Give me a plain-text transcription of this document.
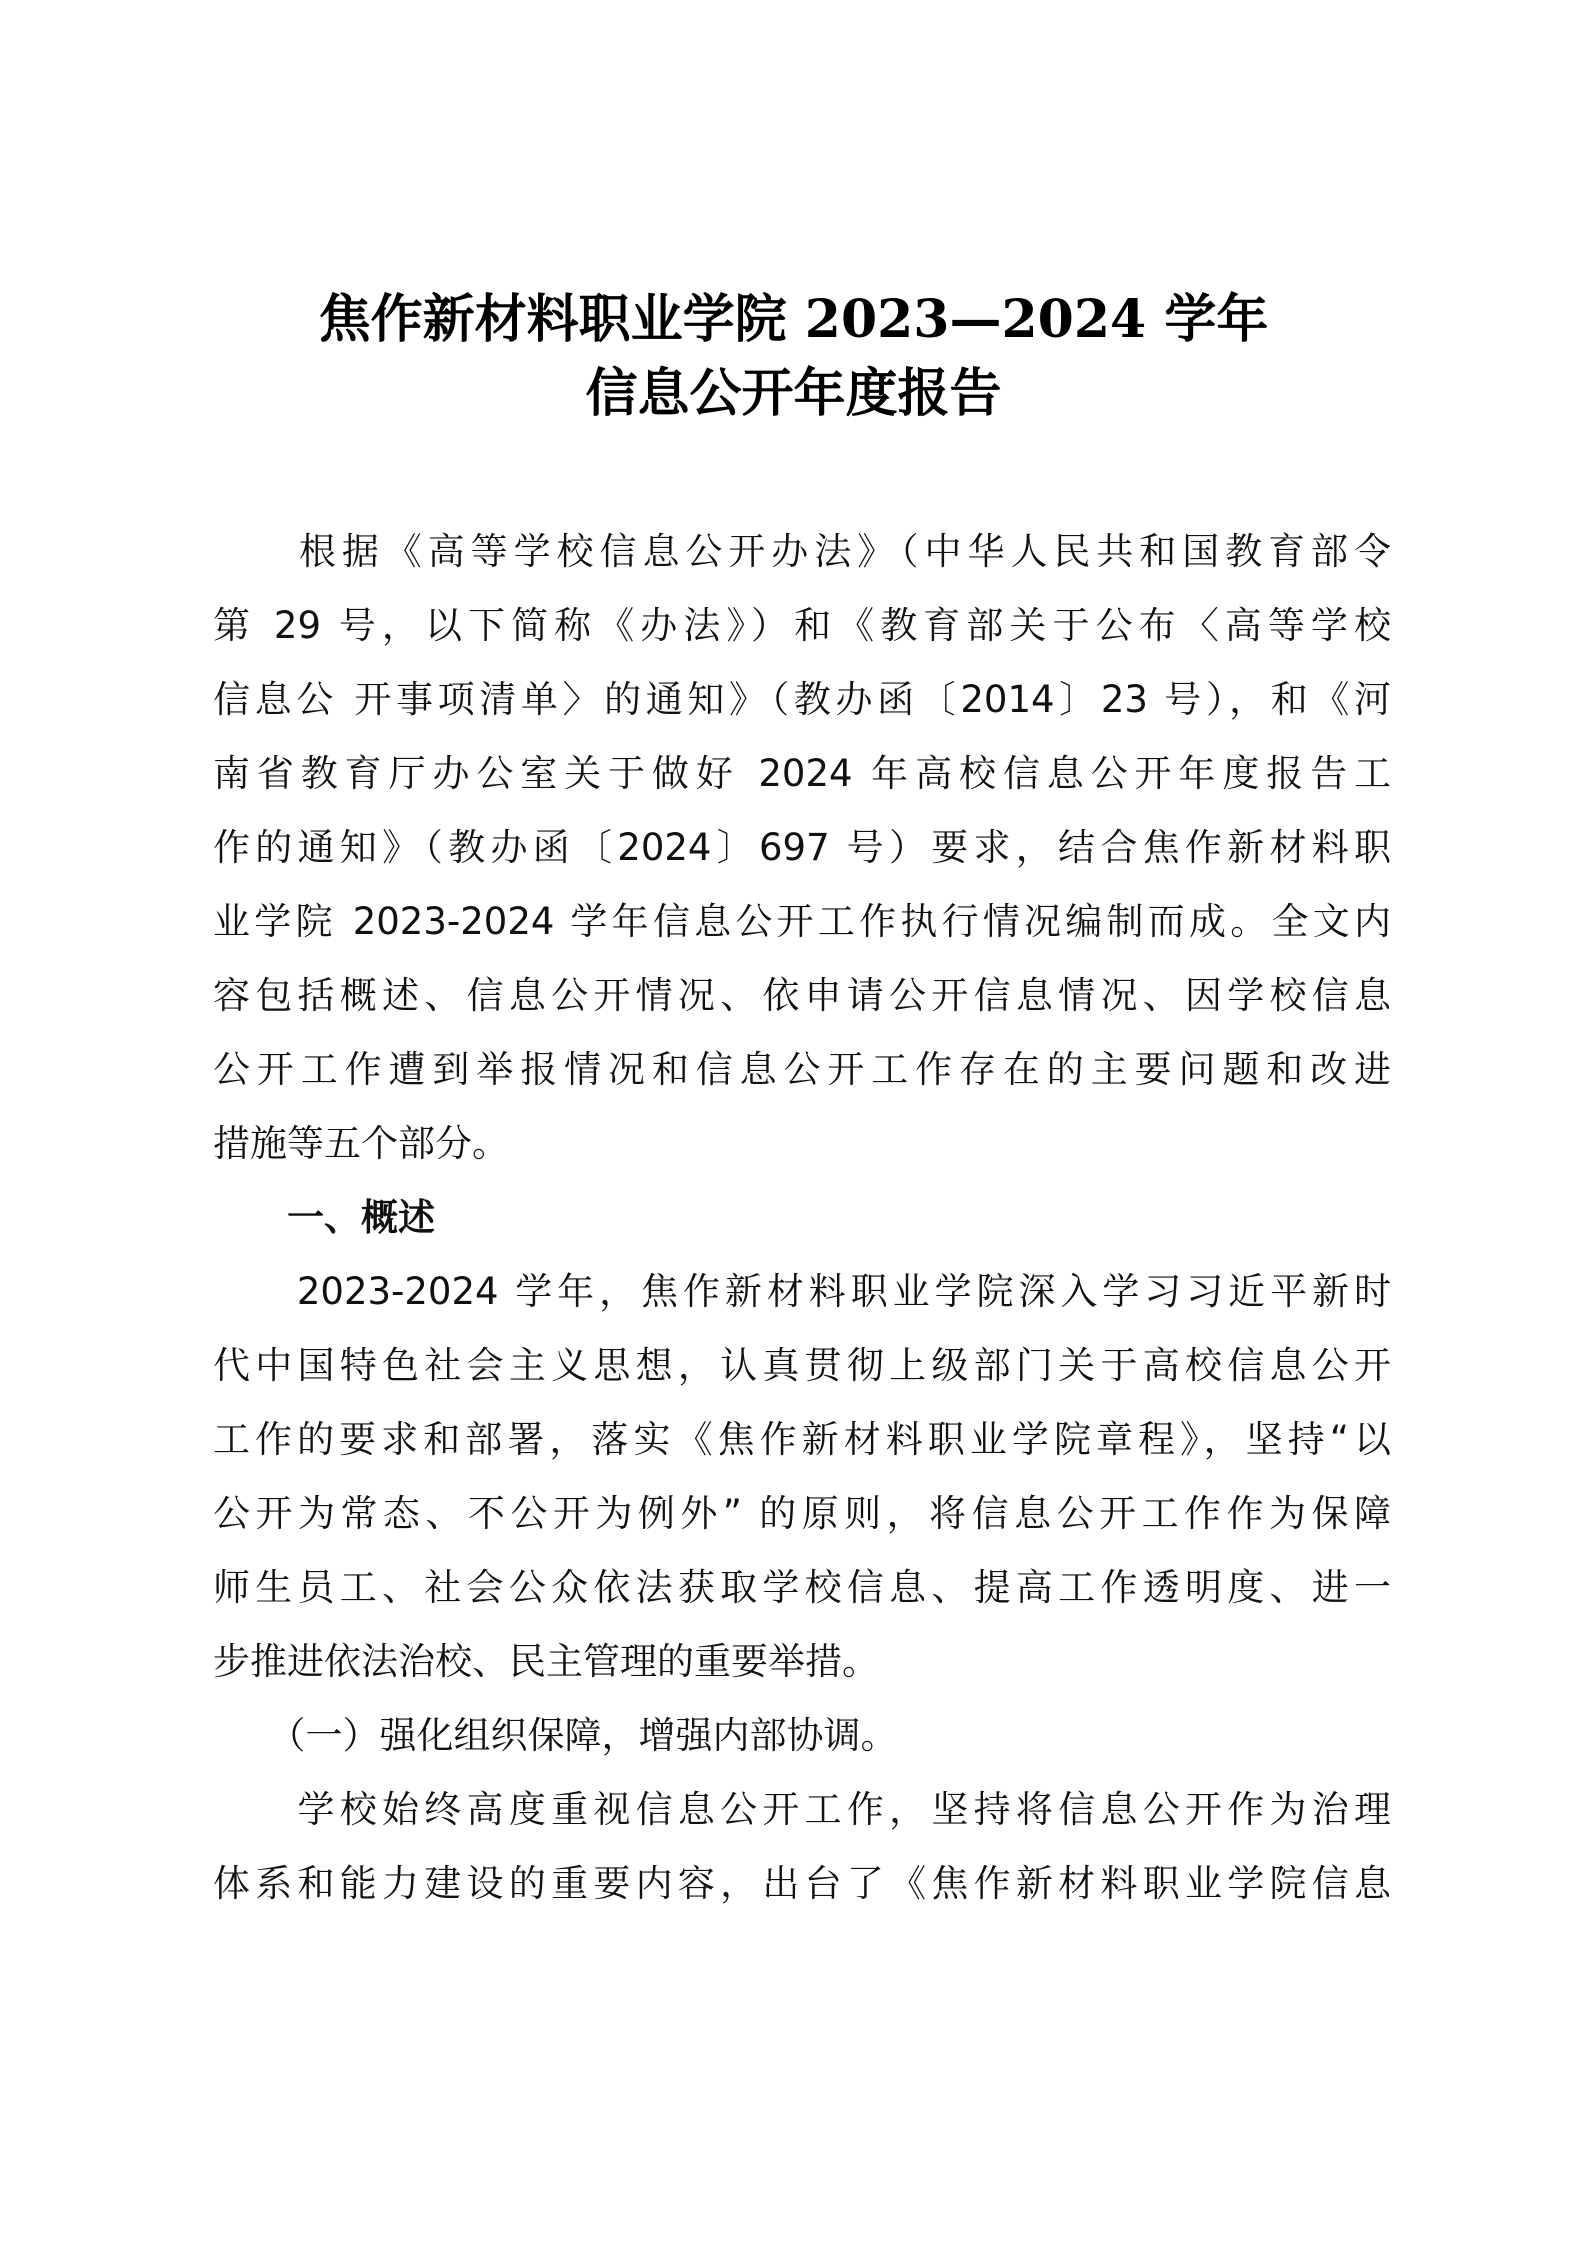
焦作新材料职业学院 2023—2024 学年
信息公开年度报告
　　根据《高等学校信息公开办法》（中华人民共和国教育部令
第 29 号，以下简称《办法》）和《教育部关于公布〈高等学校
信息公 开事项清单〉的通知》（教办函〔2014〕23 号），和《河
南省教育厅办公室关于做好 2024 年高校信息公开年度报告工
作的通知》（教办函〔2024〕697 号）要求，结合焦作新材料职
业学院 2023-2024 学年信息公开工作执行情况编制而成。全文内
容包括概述、信息公开情况、依申请公开信息情况、因学校信息
公开工作遭到举报情况和信息公开工作存在的主要问题和改进
措施等五个部分。
　　一、概述
　　2023-2024 学年，焦作新材料职业学院深入学习习近平新时
代中国特色社会主义思想，认真贯彻上级部门关于高校信息公开
工作的要求和部署，落实《焦作新材料职业学院章程》，坚持“以
公开为常态、不公开为例外” 的原则，将信息公开工作作为保障
师生员工、社会公众依法获取学校信息、提高工作透明度、进一
步推进依法治校、民主管理的重要举措。
　　（一）强化组织保障，增强内部协调。
　　学校始终高度重视信息公开工作，坚持将信息公开作为治理
体系和能力建设的重要内容，出台了《焦作新材料职业学院信息
